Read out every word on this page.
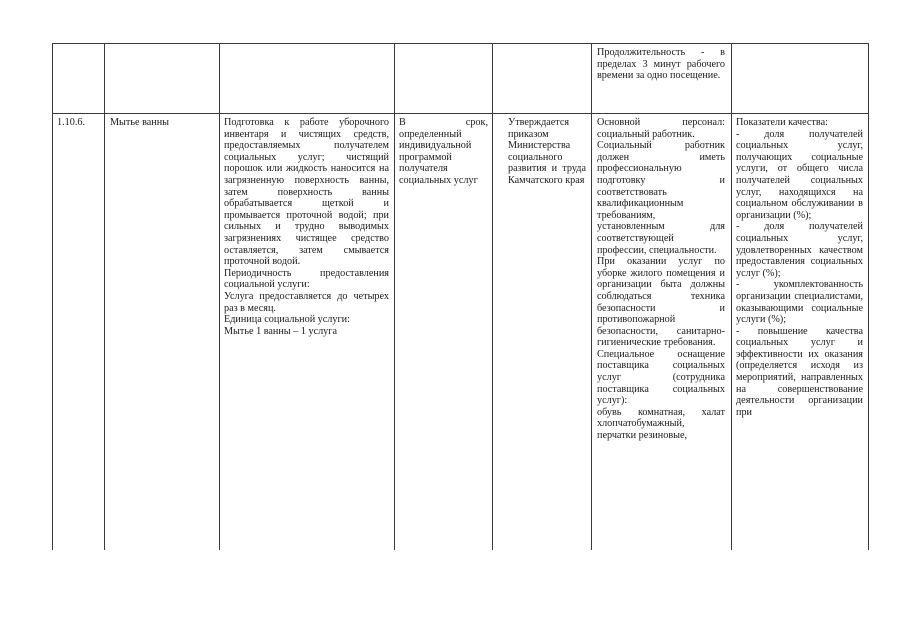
Продолжительность - в пределах 3 минут рабочего времени за одно посещение.

1.10.6.	Мытье ванны	Подготовка к работе уборочного инвентаря и чистящих средств, предоставляемых получателем социальных услуг; чистящий порошок или жидкость наносится на загрязненную поверхность ванны, затем поверхность ванны обрабатывается щеткой и промывается проточной водой; при сильных и трудно выводимых загрязнениях чистящее средство оставляется, затем смывается проточной водой.

Периодичность предоставления социальной услуги:

Услуга предоставляется до четырех раз в месяц.

Единица социальной услуги:

Мытье 1 ванны – 1 услуга

В срок, определенный индивидуальной программой получателя социальных услуг

Утверждается приказом Министерства социального развития и труда Камчатского края

Основной персонал: социальный работник.

Социальный работник должен иметь профессиональную подготовку и соответствовать квалификационным требованиям, установленным для соответствующей профессии, специальности.

При оказании услуг по уборке жилого помещения и организации быта должны соблюдаться техника безопасности и противопожарной безопасности, санитарно-гигиенические требования.

Специальное оснащение поставщика социальных услуг (сотрудника поставщика социальных услуг):

обувь комнатная, халат хлопчатобумажный, перчатки резиновые,

Показатели качества:

- доля получателей социальных услуг, получающих социальные услуги, от общего числа получателей социальных услуг, находящихся на социальном обслуживании в организации (%);

- доля получателей социальных услуг, удовлетворенных качеством предоставления социальных услуг (%);

- укомплектованность организации специалистами, оказывающими социальные услуги (%);

- повышение качества социальных услуг и эффективности их оказания (определяется исходя из мероприятий, направленных на совершенствование деятельности организации при
